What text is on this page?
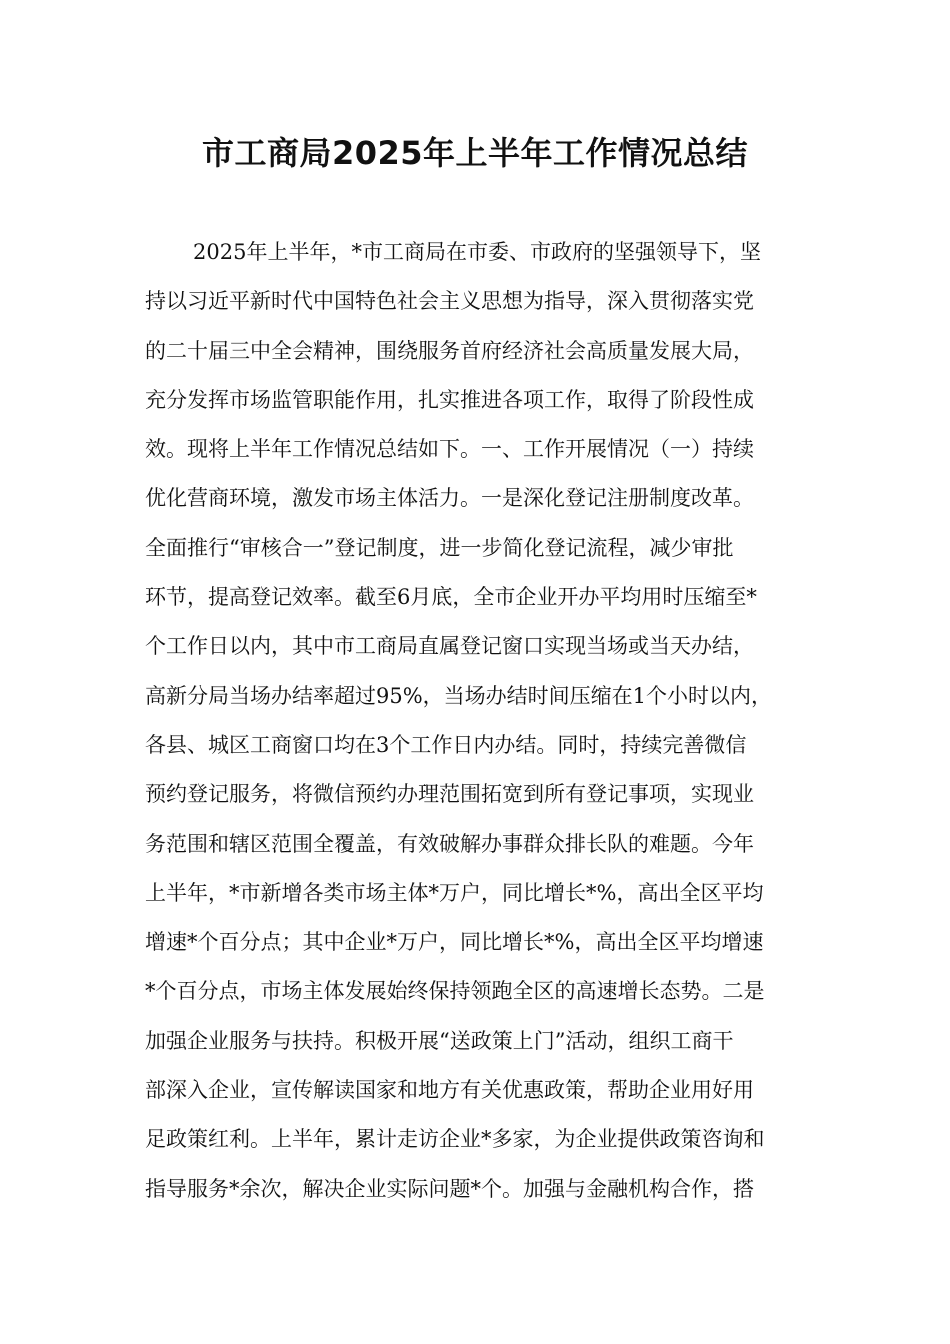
市工商局2025年上半年工作情况总结
2025年上半年，*市工商局在市委、市政府的坚强领导下，坚
持以习近平新时代中国特色社会主义思想为指导，深入贯彻落实党
的二十届三中全会精神，围绕服务首府经济社会高质量发展大局，
充分发挥市场监管职能作用，扎实推进各项工作，取得了阶段性成
效。现将上半年工作情况总结如下。一、工作开展情况（一）持续
优化营商环境，激发市场主体活力。一是深化登记注册制度改革。
全面推行“审核合一”登记制度，进一步简化登记流程，减少审批
环节，提高登记效率。截至6月底，全市企业开办平均用时压缩至*
个工作日以内，其中市工商局直属登记窗口实现当场或当天办结，
高新分局当场办结率超过95%，当场办结时间压缩在1个小时以内，
各县、城区工商窗口均在3个工作日内办结。同时，持续完善微信
预约登记服务，将微信预约办理范围拓宽到所有登记事项，实现业
务范围和辖区范围全覆盖，有效破解办事群众排长队的难题。今年
上半年，*市新增各类市场主体*万户，同比增长*%，高出全区平均
增速*个百分点；其中企业*万户，同比增长*%，高出全区平均增速
*个百分点，市场主体发展始终保持领跑全区的高速增长态势。二是
加强企业服务与扶持。积极开展“送政策上门”活动，组织工商干
部深入企业，宣传解读国家和地方有关优惠政策，帮助企业用好用
足政策红利。上半年，累计走访企业*多家，为企业提供政策咨询和
指导服务*余次，解决企业实际问题*个。加强与金融机构合作，搭
